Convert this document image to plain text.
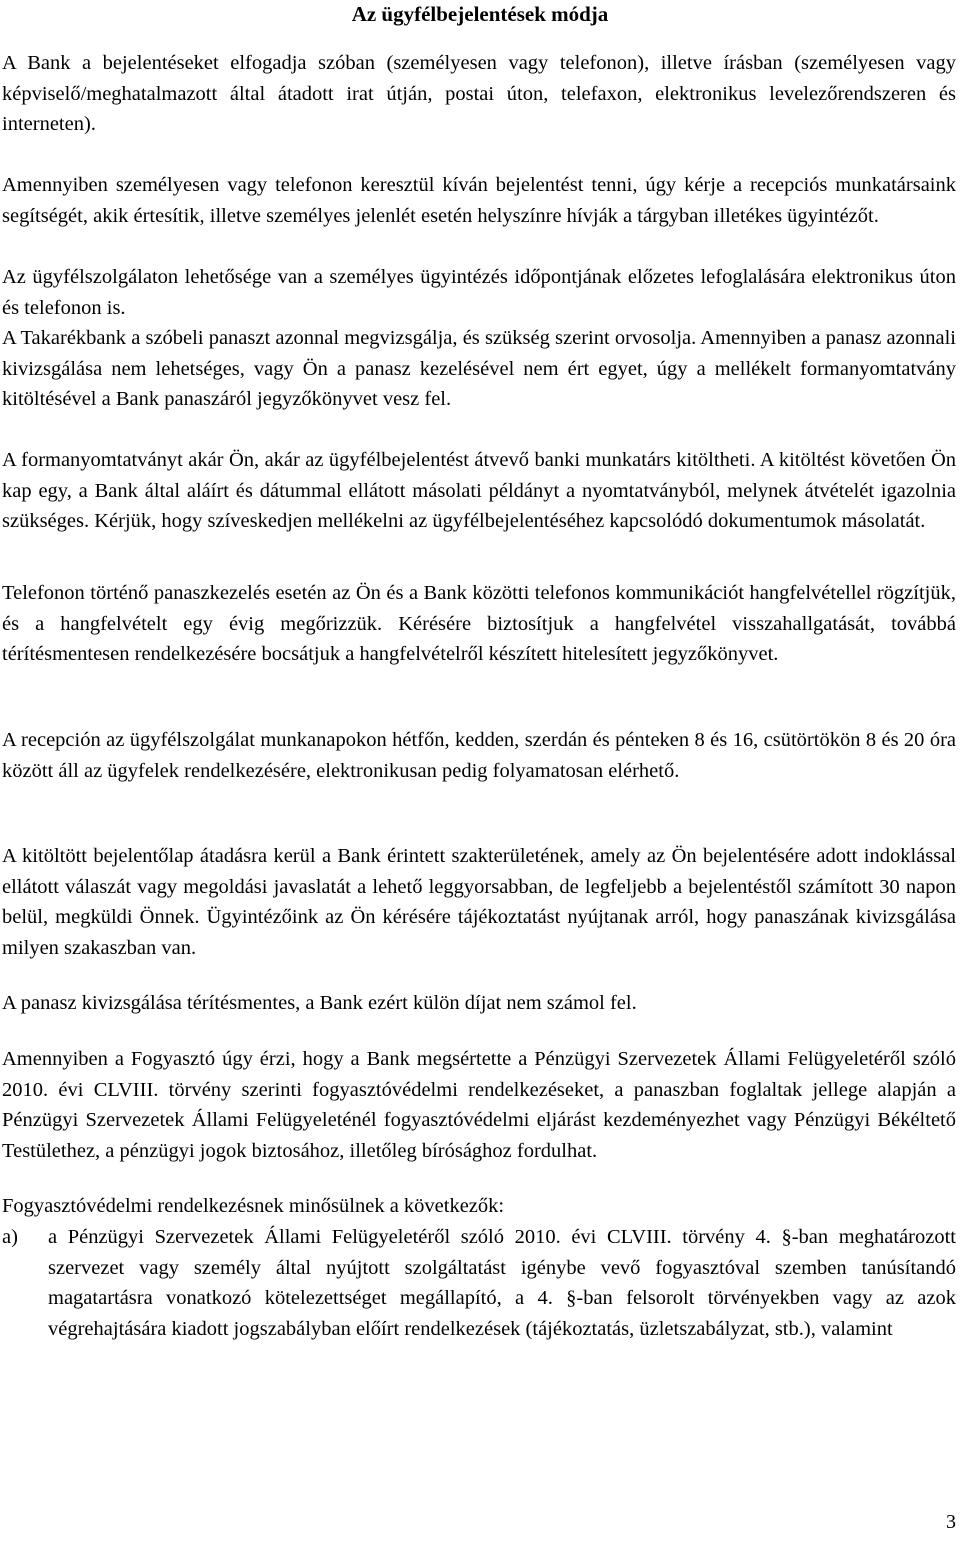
Az ügyfélbejelentések módja

A Bank a bejelentéseket elfogadja szóban (személyesen vagy telefonon), illetve írásban (személyesen vagy képviselő/meghatalmazott által átadott irat útján, postai úton, telefaxon, elektronikus levelezőrendszeren és interneten).

Amennyiben személyesen vagy telefonon keresztül kíván bejelentést tenni, úgy kérje a recepciós munkatársaink segítségét, akik értesítik, illetve személyes jelenlét esetén helyszínre hívják a tárgyban illetékes ügyintézőt.

Az ügyfélszolgálaton lehetősége van a személyes ügyintézés időpontjának előzetes lefoglalására elektronikus úton és telefonon is.

A Takarékbank a szóbeli panaszt azonnal megvizsgálja, és szükség szerint orvosolja. Amennyiben a panasz azonnali kivizsgálása nem lehetséges, vagy Ön a panasz kezelésével nem ért egyet, úgy a mellékelt formanyomtatvány kitöltésével a Bank panaszáról jegyzőkönyvet vesz fel.

A formanyomtatványt akár Ön, akár az ügyfélbejelentést átvevő banki munkatárs kitöltheti. A kitöltést követően Ön kap egy, a Bank által aláírt és dátummal ellátott másolati példányt a nyomtatványból, melynek átvételét igazolnia szükséges. Kérjük, hogy szíveskedjen mellékelni az ügyfélbejelentéséhez kapcsolódó dokumentumok másolatát.

Telefonon történő panaszkezelés esetén az Ön és a Bank közötti telefonos kommunikációt hangfelvétellel rögzítjük, és a hangfelvételt egy évig megőrizzük. Kérésére biztosítjuk a hangfelvétel visszahallgatását, továbbá térítésmentesen rendelkezésére bocsátjuk a hangfelvételről készített hitelesített jegyzőkönyvet.

A recepción az ügyfélszolgálat munkanapokon hétfőn, kedden, szerdán és pénteken 8 és 16, csütörtökön 8 és 20 óra között áll az ügyfelek rendelkezésére, elektronikusan pedig folyamatosan elérhető.

A kitöltött bejelentőlap átadásra kerül a Bank érintett szakterületének, amely az Ön bejelentésére adott indoklással ellátott válaszát vagy megoldási javaslatát a lehető leggyorsabban, de legfeljebb a bejelentéstől számított 30 napon belül, megküldi Önnek. Ügyintézőink az Ön kérésére tájékoztatást nyújtanak arról, hogy panaszának kivizsgálása milyen szakaszban van.

A panasz kivizsgálása térítésmentes, a Bank ezért külön díjat nem számol fel.

Amennyiben a Fogyasztó úgy érzi, hogy a Bank megsértette a Pénzügyi Szervezetek Állami Felügyeletéről szóló 2010. évi CLVIII. törvény szerinti fogyasztóvédelmi rendelkezéseket, a panaszban foglaltak jellege alapján a Pénzügyi Szervezetek Állami Felügyeleténél fogyasztóvédelmi eljárást kezdeményezhet vagy Pénzügyi Békéltető Testülethez, a pénzügyi jogok biztosához, illetőleg bírósághoz fordulhat.

Fogyasztóvédelmi rendelkezésnek minősülnek a következők:

a) a Pénzügyi Szervezetek Állami Felügyeletéről szóló 2010. évi CLVIII. törvény 4. §-ban meghatározott szervezet vagy személy által nyújtott szolgáltatást igénybe vevő fogyasztóval szemben tanúsítandó magatartásra vonatkozó kötelezettséget megállapító, a 4. §-ban felsorolt törvényekben vagy az azok végrehajtására kiadott jogszabályban előírt rendelkezések (tájékoztatás, üzletszabályzat, stb.), valamint
3
